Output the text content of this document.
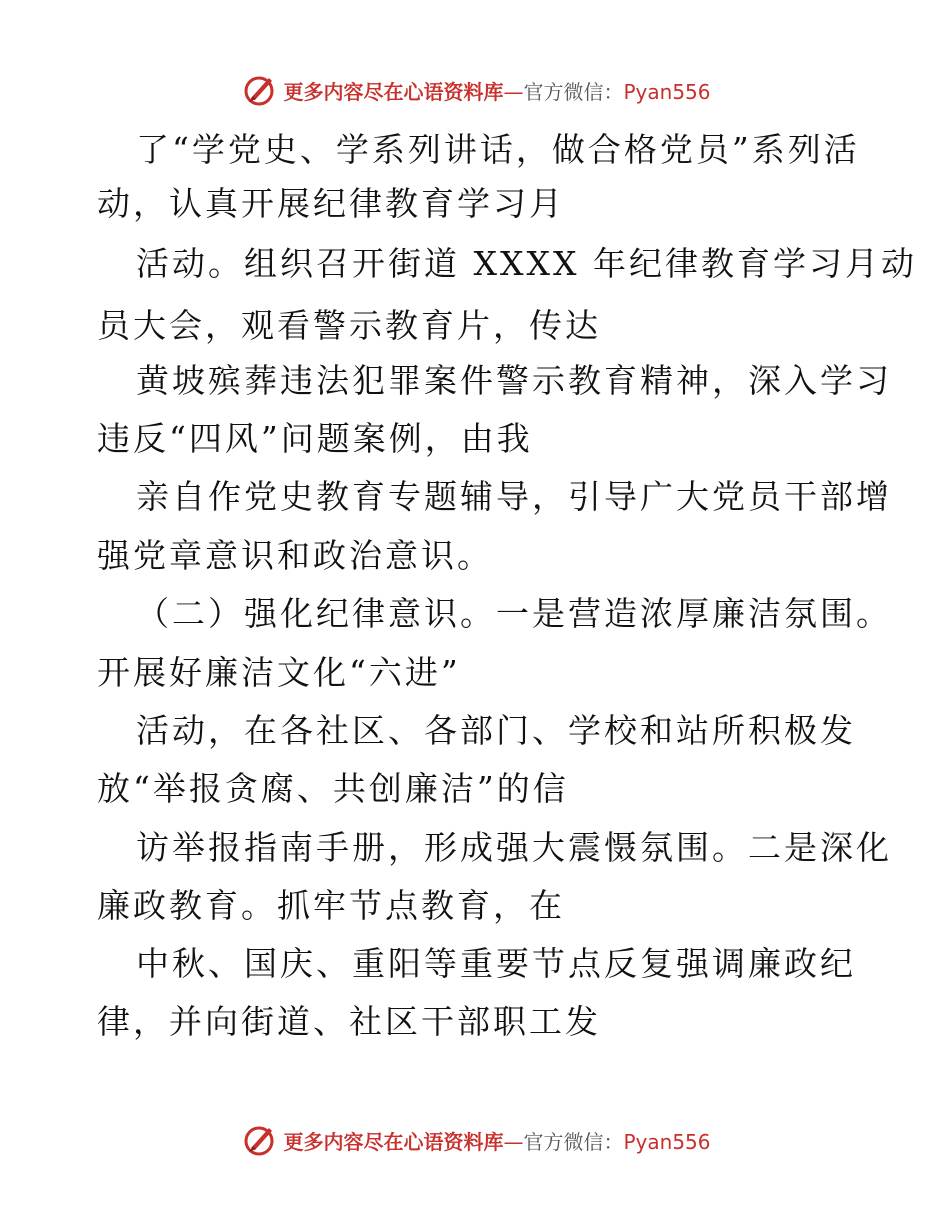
更多内容尽在心语资料库—官方微信：Pyan556
了“学党史、学系列讲话，做合格党员”系列活
动，认真开展纪律教育学习月
活动。组织召开街道 XXXX 年纪律教育学习月动
员大会，观看警示教育片，传达
黄坡殡葬违法犯罪案件警示教育精神，深入学习
违反“四风”问题案例，由我
亲自作党史教育专题辅导，引导广大党员干部增
强党章意识和政治意识。
（二）强化纪律意识。一是营造浓厚廉洁氛围。
开展好廉洁文化“六进”
活动，在各社区、各部门、学校和站所积极发
放“举报贪腐、共创廉洁”的信
访举报指南手册，形成强大震慑氛围。二是深化
廉政教育。抓牢节点教育，在
中秋、国庆、重阳等重要节点反复强调廉政纪
律，并向街道、社区干部职工发
更多内容尽在心语资料库—官方微信：Pyan556
